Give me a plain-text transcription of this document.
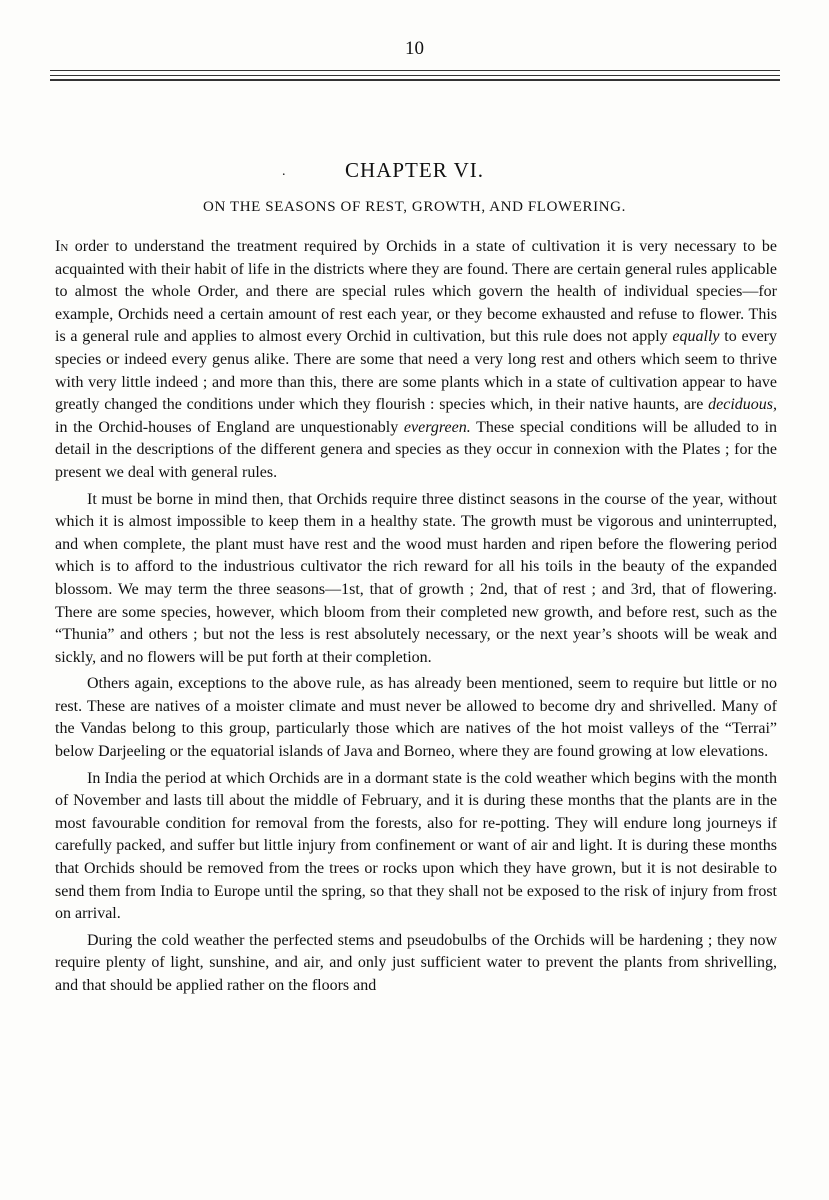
10
.	CHAPTER VI.
ON THE SEASONS OF REST, GROWTH, AND FLOWERING.

In order to understand the treatment required by Orchids in a state of cultivation it is very necessary to be acquainted with their habit of life in the districts where they are found. There are certain general rules applicable to almost the whole Order, and there are special rules which govern the health of individual species—for example, Orchids need a certain amount of rest each year, or they become exhausted and refuse to flower. This is a general rule and applies to almost every Orchid in cultivation, but this rule does not apply equally to every species or indeed every genus alike. There are some that need a very long rest and others which seem to thrive with very little indeed ; and more than this, there are some plants which in a state of cultivation appear to have greatly changed the conditions under which they flourish : species which, in their native haunts, are deciduous, in the Orchid-houses of England are unquestionably evergreen. These special conditions will be alluded to in detail in the descriptions of the different genera and species as they occur in connexion with the Plates ; for the present we deal with general rules.

It must be borne in mind then, that Orchids require three distinct seasons in the course of the year, without which it is almost impossible to keep them in a healthy state. The growth must be vigorous and uninterrupted, and when complete, the plant must have rest and the wood must harden and ripen before the flowering period which is to afford to the industrious cultivator the rich reward for all his toils in the beauty of the expanded blossom. We may term the three seasons—1st, that of growth ; 2nd, that of rest ; and 3rd, that of flowering. There are some species, however, which bloom from their completed new growth, and before rest, such as the “Thunia” and others ; but not the less is rest absolutely necessary, or the next year’s shoots will be weak and sickly, and no flowers will be put forth at their completion.

Others again, exceptions to the above rule, as has already been mentioned, seem to require but little or no rest. These are natives of a moister climate and must never be allowed to become dry and shrivelled. Many of the Vandas belong to this group, particularly those which are natives of the hot moist valleys of the “Terrai” below Darjeeling or the equatorial islands of Java and Borneo, where they are found growing at low elevations.

In India the period at which Orchids are in a dormant state is the cold weather which begins with the month of November and lasts till about the middle of February, and it is during these months that the plants are in the most favourable condition for removal from the forests, also for re-potting. They will endure long journeys if carefully packed, and suffer but little injury from confinement or want of air and light. It is during these months that Orchids should be removed from the trees or rocks upon which they have grown, but it is not desirable to send them from India to Europe until the spring, so that they shall not be exposed to the risk of injury from frost on arrival.

During the cold weather the perfected stems and pseudobulbs of the Orchids will be hardening ; they now require plenty of light, sunshine, and air, and only just sufficient water to prevent the plants from shrivelling, and that should be applied rather on the floors and
